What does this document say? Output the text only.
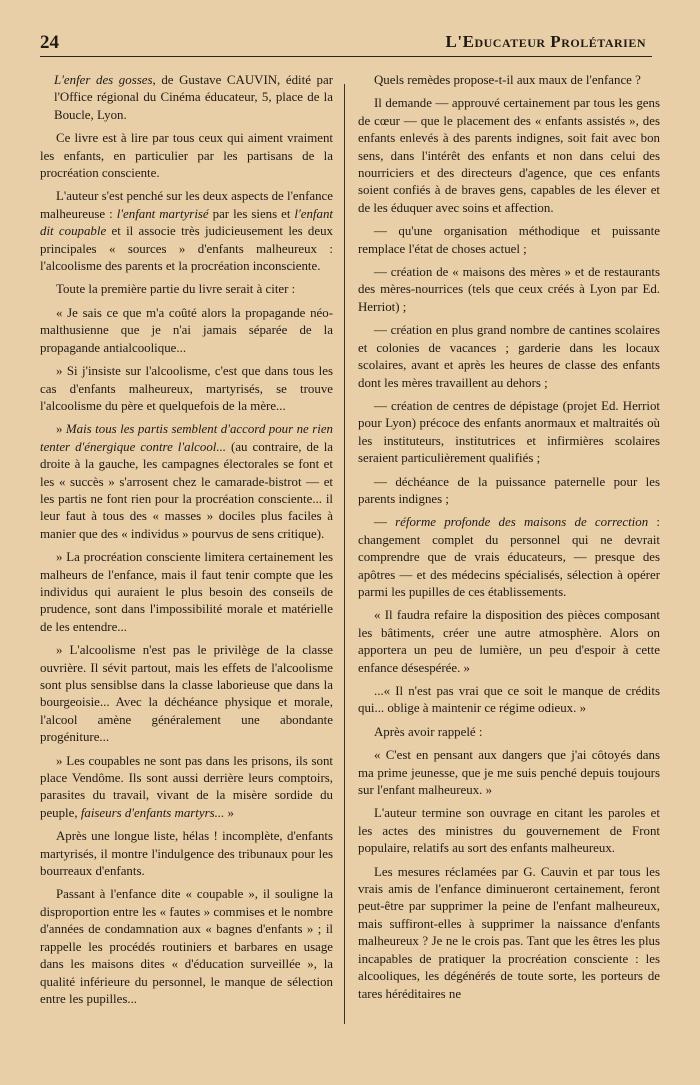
24	L'Educateur Prolétarien

L'enfer des gosses, de Gustave CAUVIN, édité par l'Office régional du Cinéma éducateur, 5, place de la Boucle, Lyon.

Ce livre est à lire par tous ceux qui aiment vraiment les enfants, en particulier par les partisans de la procréation consciente.

L'auteur s'est penché sur les deux aspects de l'enfance malheureuse : l'enfant martyrisé par les siens et l'enfant dit coupable et il associe très judicieusement les deux principales « sources » d'enfants malheureux : l'alcoolisme des parents et la procréation inconsciente.

Toute la première partie du livre serait à citer :

« Je sais ce que m'a coûté alors la propagande néo-malthusienne que je n'ai jamais séparée de la propagande antialcoolique...

» Si j'insiste sur l'alcoolisme, c'est que dans tous les cas d'enfants malheureux, martyrisés, se trouve l'alcoolisme du père et quelquefois de la mère...

» Mais tous les partis semblent d'accord pour ne rien tenter d'énergique contre l'alcool... (au contraire, de la droite à la gauche, les campagnes électorales se font et les « succès » s'arrosent chez le camarade-bistrot — et les partis ne font rien pour la procréation consciente... il leur faut à tous des « masses » dociles plus faciles à manier que des « individus » pourvus de sens critique).

» La procréation consciente limitera certainement les malheurs de l'enfance, mais il faut tenir compte que les individus qui auraient le plus besoin des conseils de prudence, sont dans l'impossibilité morale et matérielle de les entendre...

» L'alcoolisme n'est pas le privilège de la classe ouvrière. Il sévit partout, mais les effets de l'alcoolisme sont plus sensiblse dans la classe laborieuse que dans la bourgeoisie... Avec la déchéance physique et morale, l'alcool amène généralement une abondante progéniture...

» Les coupables ne sont pas dans les prisons, ils sont place Vendôme. Ils sont aussi derrière leurs comptoirs, parasites du travail, vivant de la misère sordide du peuple, faiseurs d'enfants martyrs... »

Après une longue liste, hélas ! incomplète, d'enfants martyrisés, il montre l'indulgence des tribunaux pour les bourreaux d'enfants.

Passant à l'enfance dite « coupable », il souligne la disproportion entre les « fautes » commises et le nombre d'années de condamnation aux « bagnes d'enfants » ; il rappelle les procédés routiniers et barbares en usage dans les maisons dites « d'éducation surveillée », la qualité inférieure du personnel, le manque de sélection entre les pupilles...

Quels remèdes propose-t-il aux maux de l'enfance ?

Il demande — approuvé certainement par tous les gens de cœur — que le placement des « enfants assistés », des enfants enlevés à des parents indignes, soit fait avec bon sens, dans l'intérêt des enfants et non dans celui des nourriciers et des directeurs d'agence, que ces enfants soient confiés à de braves gens, capables de les élever et de les éduquer avec soins et affection.

— qu'une organisation méthodique et puissante remplace l'état de choses actuel ;

— création de « maisons des mères » et de restaurants des mères-nourrices (tels que ceux créés à Lyon par Ed. Herriot) ;

— création en plus grand nombre de cantines scolaires et colonies de vacances ; garderie dans les locaux scolaires, avant et après les heures de classe des enfants dont les mères travaillent au dehors ;

— création de centres de dépistage (projet Ed. Herriot pour Lyon) précoce des enfants anormaux et maltraités où les instituteurs, institutrices et infirmières scolaires seraient particulièrement qualifiés ;

— déchéance de la puissance paternelle pour les parents indignes ;

— réforme profonde des maisons de correction : changement complet du personnel qui ne devrait comprendre que de vrais éducateurs, — presque des apôtres — et des médecins spécialisés, sélection à opérer parmi les pupilles de ces établissements.

« Il faudra refaire la disposition des pièces composant les bâtiments, créer une autre atmosphère. Alors on apportera un peu de lumière, un peu d'espoir à cette enfance désespérée. »

...« Il n'est pas vrai que ce soit le manque de crédits qui... oblige à maintenir ce régime odieux. »

Après avoir rappelé :

« C'est en pensant aux dangers que j'ai côtoyés dans ma prime jeunesse, que je me suis penché depuis toujours sur l'enfant malheureux. »

L'auteur termine son ouvrage en citant les paroles et les actes des ministres du gouvernement de Front populaire, relatifs au sort des enfants malheureux.

Les mesures réclamées par G. Cauvin et par tous les vrais amis de l'enfance diminueront certainement, feront peut-être par supprimer la peine de l'enfant malheureux, mais suffiront-elles à supprimer la naissance d'enfants malheureux ? Je ne le crois pas. Tant que les êtres les plus incapables de pratiquer la procréation consciente : les alcooliques, les dégénérés de toute sorte, les porteurs de tares héréditaires ne
